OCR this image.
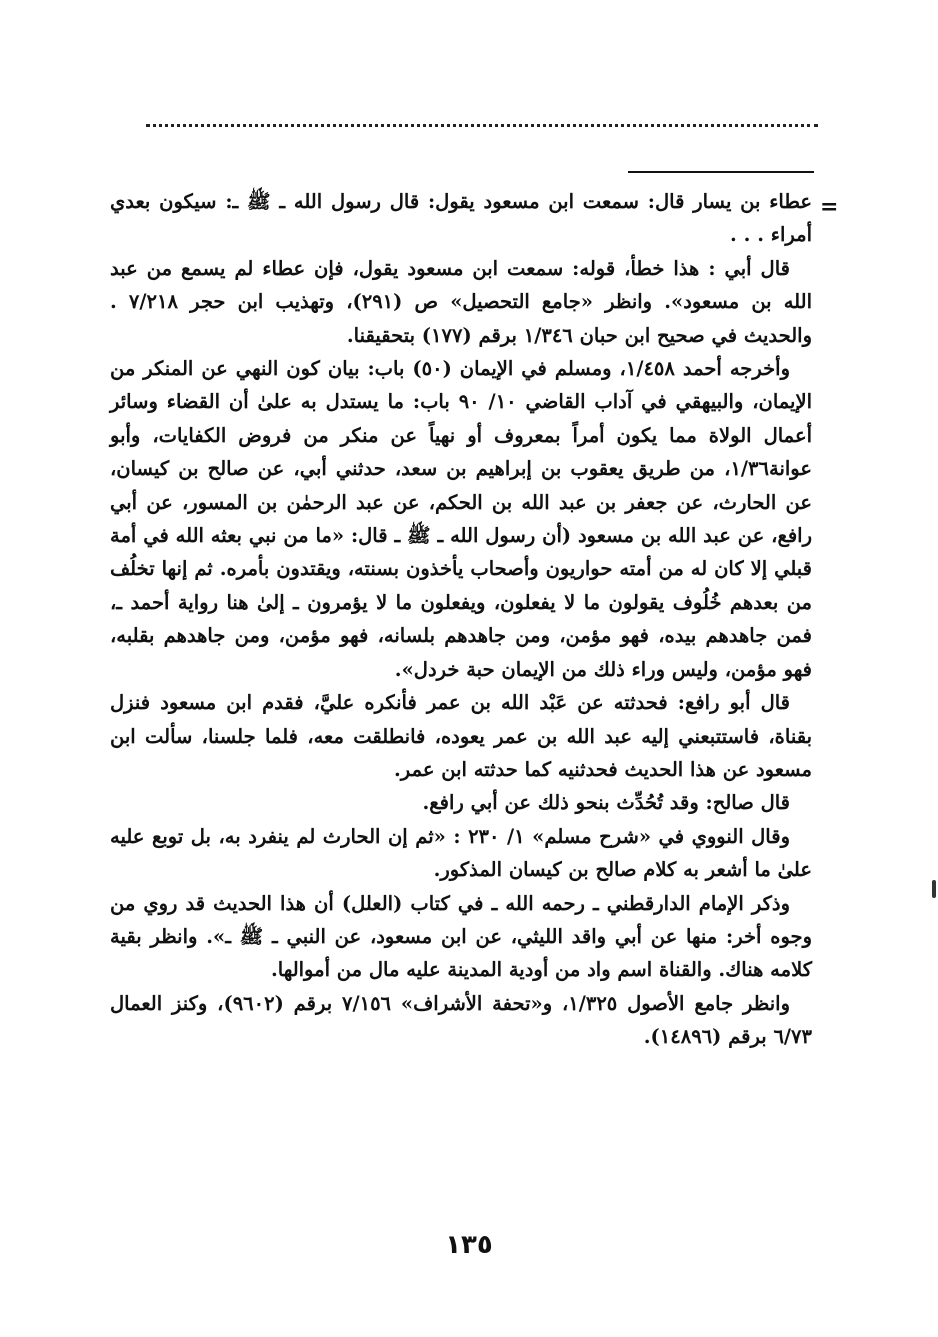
=

عطاء بن يسار قال: سمعت ابن مسعود يقول: قال رسول الله ـ ﷺ ـ: سيكون بعدي أمراء . . .

قال أبي : هذا خطأ، قوله: سمعت ابن مسعود يقول، فإن عطاء لم يسمع من عبد الله بن مسعود». وانظر «جامع التحصيل» ص (٢٩١)، وتهذيب ابن حجر ٧/٢١٨ . والحديث في صحيح ابن حبان ١/٣٤٦ برقم (١٧٧) بتحقيقنا.

وأخرجه أحمد ١/٤٥٨، ومسلم في الإيمان (٥٠) باب: بيان كون النهي عن المنكر من الإيمان، والبيهقي في آداب القاضي ١٠/ ٩٠ باب: ما يستدل به علىٰ أن القضاء وسائر أعمال الولاة مما يكون أمراً بمعروف أو نهياً عن منكر من فروض الكفايات، وأبو عوانة١/٣٦، من طريق يعقوب بن إبراهيم بن سعد، حدثني أبي، عن صالح بن كيسان، عن الحارث، عن جعفر بن عبد الله بن الحكم، عن عبد الرحمٰن بن المسور، عن أبي رافع، عن عبد الله بن مسعود (أن رسول الله ـ ﷺ ـ قال: «ما من نبي بعثه الله في أمة قبلي إلا كان له من أمته حواريون وأصحاب يأخذون بسنته، ويقتدون بأمره. ثم إنها تخلُف من بعدهم خُلُوف يقولون ما لا يفعلون، ويفعلون ما لا يؤمرون ـ إلىٰ هنا رواية أحمد ـ، فمن جاهدهم بيده، فهو مؤمن، ومن جاهدهم بلسانه، فهو مؤمن، ومن جاهدهم بقلبه، فهو مؤمن، وليس وراء ذلك من الإيمان حبة خردل».

قال أبو رافع: فحدثته عن عَبْد الله بن عمر فأنكره عليَّ، فقدم ابن مسعود فنزل بقناة، فاستتبعني إليه عبد الله بن عمر يعوده، فانطلقت معه، فلما جلسنا، سألت ابن مسعود عن هذا الحديث فحدثنيه كما حدثته ابن عمر.

قال صالح: وقد تُحُدِّث بنحو ذلك عن أبي رافع.

وقال النووي في «شرح مسلم» ١/ ٢٣٠ : «ثم إن الحارث لم ينفرد به، بل توبع عليه علىٰ ما أشعر به كلام صالح بن كيسان المذكور.

وذكر الإمام الدارقطني ـ رحمه الله ـ في كتاب (العلل) أن هذا الحديث قد روي من وجوه أخر: منها عن أبي واقد الليثي، عن ابن مسعود، عن النبي ـ ﷺ ـ». وانظر بقية كلامه هناك. والقناة اسم واد من أودية المدينة عليه مال من أموالها.

وانظر جامع الأصول ١/٣٢٥، و«تحفة الأشراف» ٧/١٥٦ برقم (٩٦٠٢)، وكنز العمال ٦/٧٣ برقم (١٤٨٩٦).

١٣٥
